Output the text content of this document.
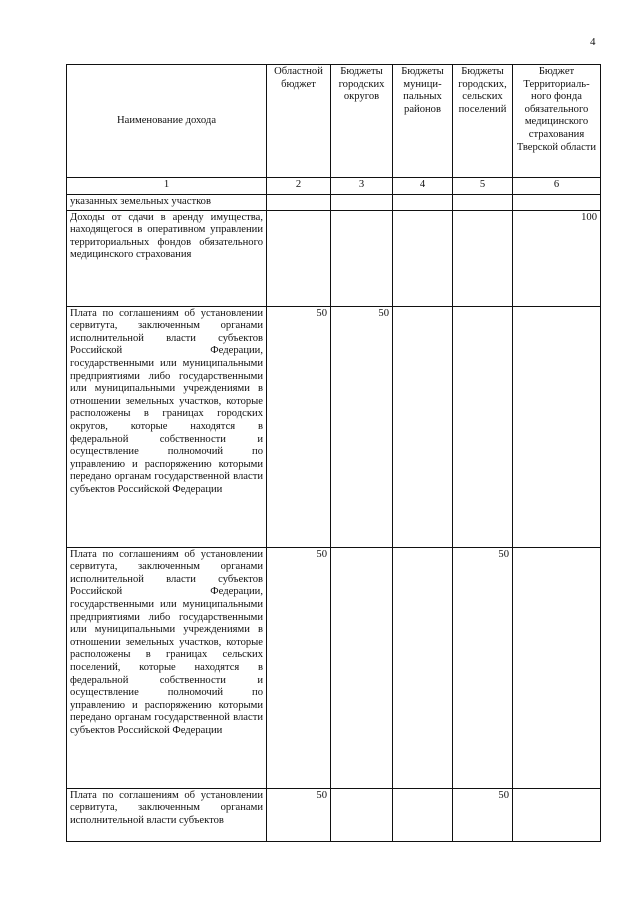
4
Наименование дохода	Областной бюджет	Бюджеты городских округов	Бюджеты муници-пальных районов	Бюджеты городских, сельских поселений	Бюджет Территориаль-ного фонда обязательного медицинского страхования Тверской области
1	2	3	4	5	6
указанных земельных участков					
Доходы от сдачи в аренду имущества, находящегося в оперативном управлении территориальных фондов обязательного медицинского страхования					100
Плата по соглашениям об установлении сервитута, заключенным органами исполнительной власти субъектов Российской Федерации, государственными или муниципальными предприятиями либо государственными или муниципальными учреждениями в отношении земельных участков, которые расположены в границах городских округов, которые находятся в федеральной собственности и осуществление полномочий по управлению и распоряжению которыми передано органам государственной власти субъектов Российской Федерации	50	50			
Плата по соглашениям об установлении сервитута, заключенным органами исполнительной власти субъектов Российской Федерации, государственными или муниципальными предприятиями либо государственными или муниципальными учреждениями в отношении земельных участков, которые расположены в границах сельских поселений, которые находятся в федеральной собственности и осуществление полномочий по управлению и распоряжению которыми передано органам государственной власти субъектов Российской Федерации	50			50	
Плата по соглашениям об установлении сервитута, заключенным органами исполнительной власти субъектов	50			50	
